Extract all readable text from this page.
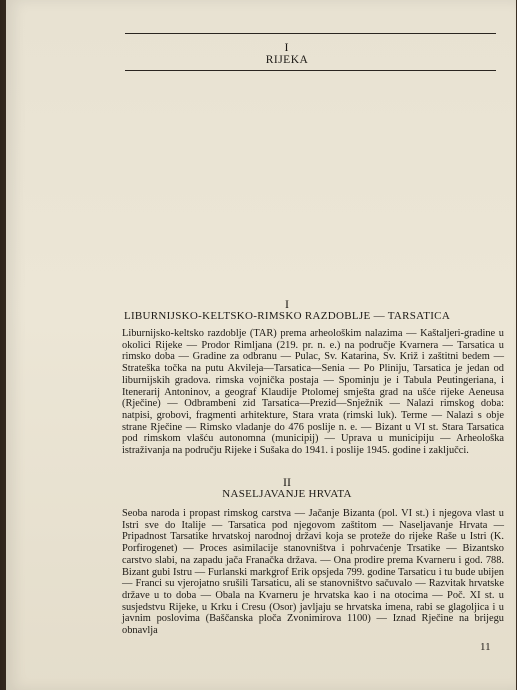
I
RIJEKA
I
LIBURNIJSKO-KELTSKO-RIMSKO RAZDOBLJE — TARSATICA

Liburnijsko-keltsko razdoblje (TAR) prema arheološkim nalazima — Kaštaljeri-gradine u okolici Rijeke — Prodor Rimljana (219. pr. n. e.) na područje Kvarnera — Tarsatica u rimsko doba — Gradine za odbranu — Pulac, Sv. Katarina, Sv. Križ i zaštitni bedem — Strateška točka na putu Akvileja—Tarsatica—Senia — Po Pliniju, Tarsatica je jedan od liburnijskih gradova. rimska vojnička postaja — Spominju je i Tabula Peutingeriana, i Itenerarij Antoninov, a geograf Klaudije Ptolomej smješta grad na ušće rijeke Aeneusa (Rječine) — Odbrambeni zid Tarsatica—Prezid—Snježnik — Nalazi rimskog doba: natpisi, grobovi, fragmenti arhitekture, Stara vrata (rimski luk). Terme — Nalazi s obje strane Rječine — Rimsko vladanje do 476 poslije n. e. — Bizant u VI st. Stara Tarsatica pod rimskom vlašću autonomna (municipij) — Uprava u municipiju — Arheološka istraživanja na području Rijeke i Sušaka do 1941. i poslije 1945. godine i zaključci.

II
NASELJAVANJE HRVATA

Seoba naroda i propast rimskog carstva — Jačanje Bizanta (pol. VI st.) i njegova vlast u Istri sve do Italije — Tarsatica pod njegovom zaštitom — Naseljavanje Hrvata — Pripadnost Tarsatike hrvatskoj narodnoj državi koja se proteže do rijeke Raše u Istri (K. Porfirogenet) — Proces asimilacije stanovništva i pohrvaćenje Trsatike — Bizantsko carstvo slabi, na zapadu jača Franačka država. — Ona prodire prema Kvarneru i god. 788. Bizant gubi Istru — Furlanski markgrof Erik opsjeda 799. godine Tarsaticu i tu bude ubijen — Franci su vjerojatno srušili Tarsaticu, ali se stanovništvo sačuvalo — Razvitak hrvatske države u to doba — Obala na Kvarneru je hrvatska kao i na otocima — Poč. XI st. u susjedstvu Rijeke, u Krku i Cresu (Osor) javljaju se hrvatska imena, rabi se glagoljica i u javnim poslovima (Baščanska ploča Zvonimirova 1100) — Iznad Rječine na brijegu obnavlja

11
